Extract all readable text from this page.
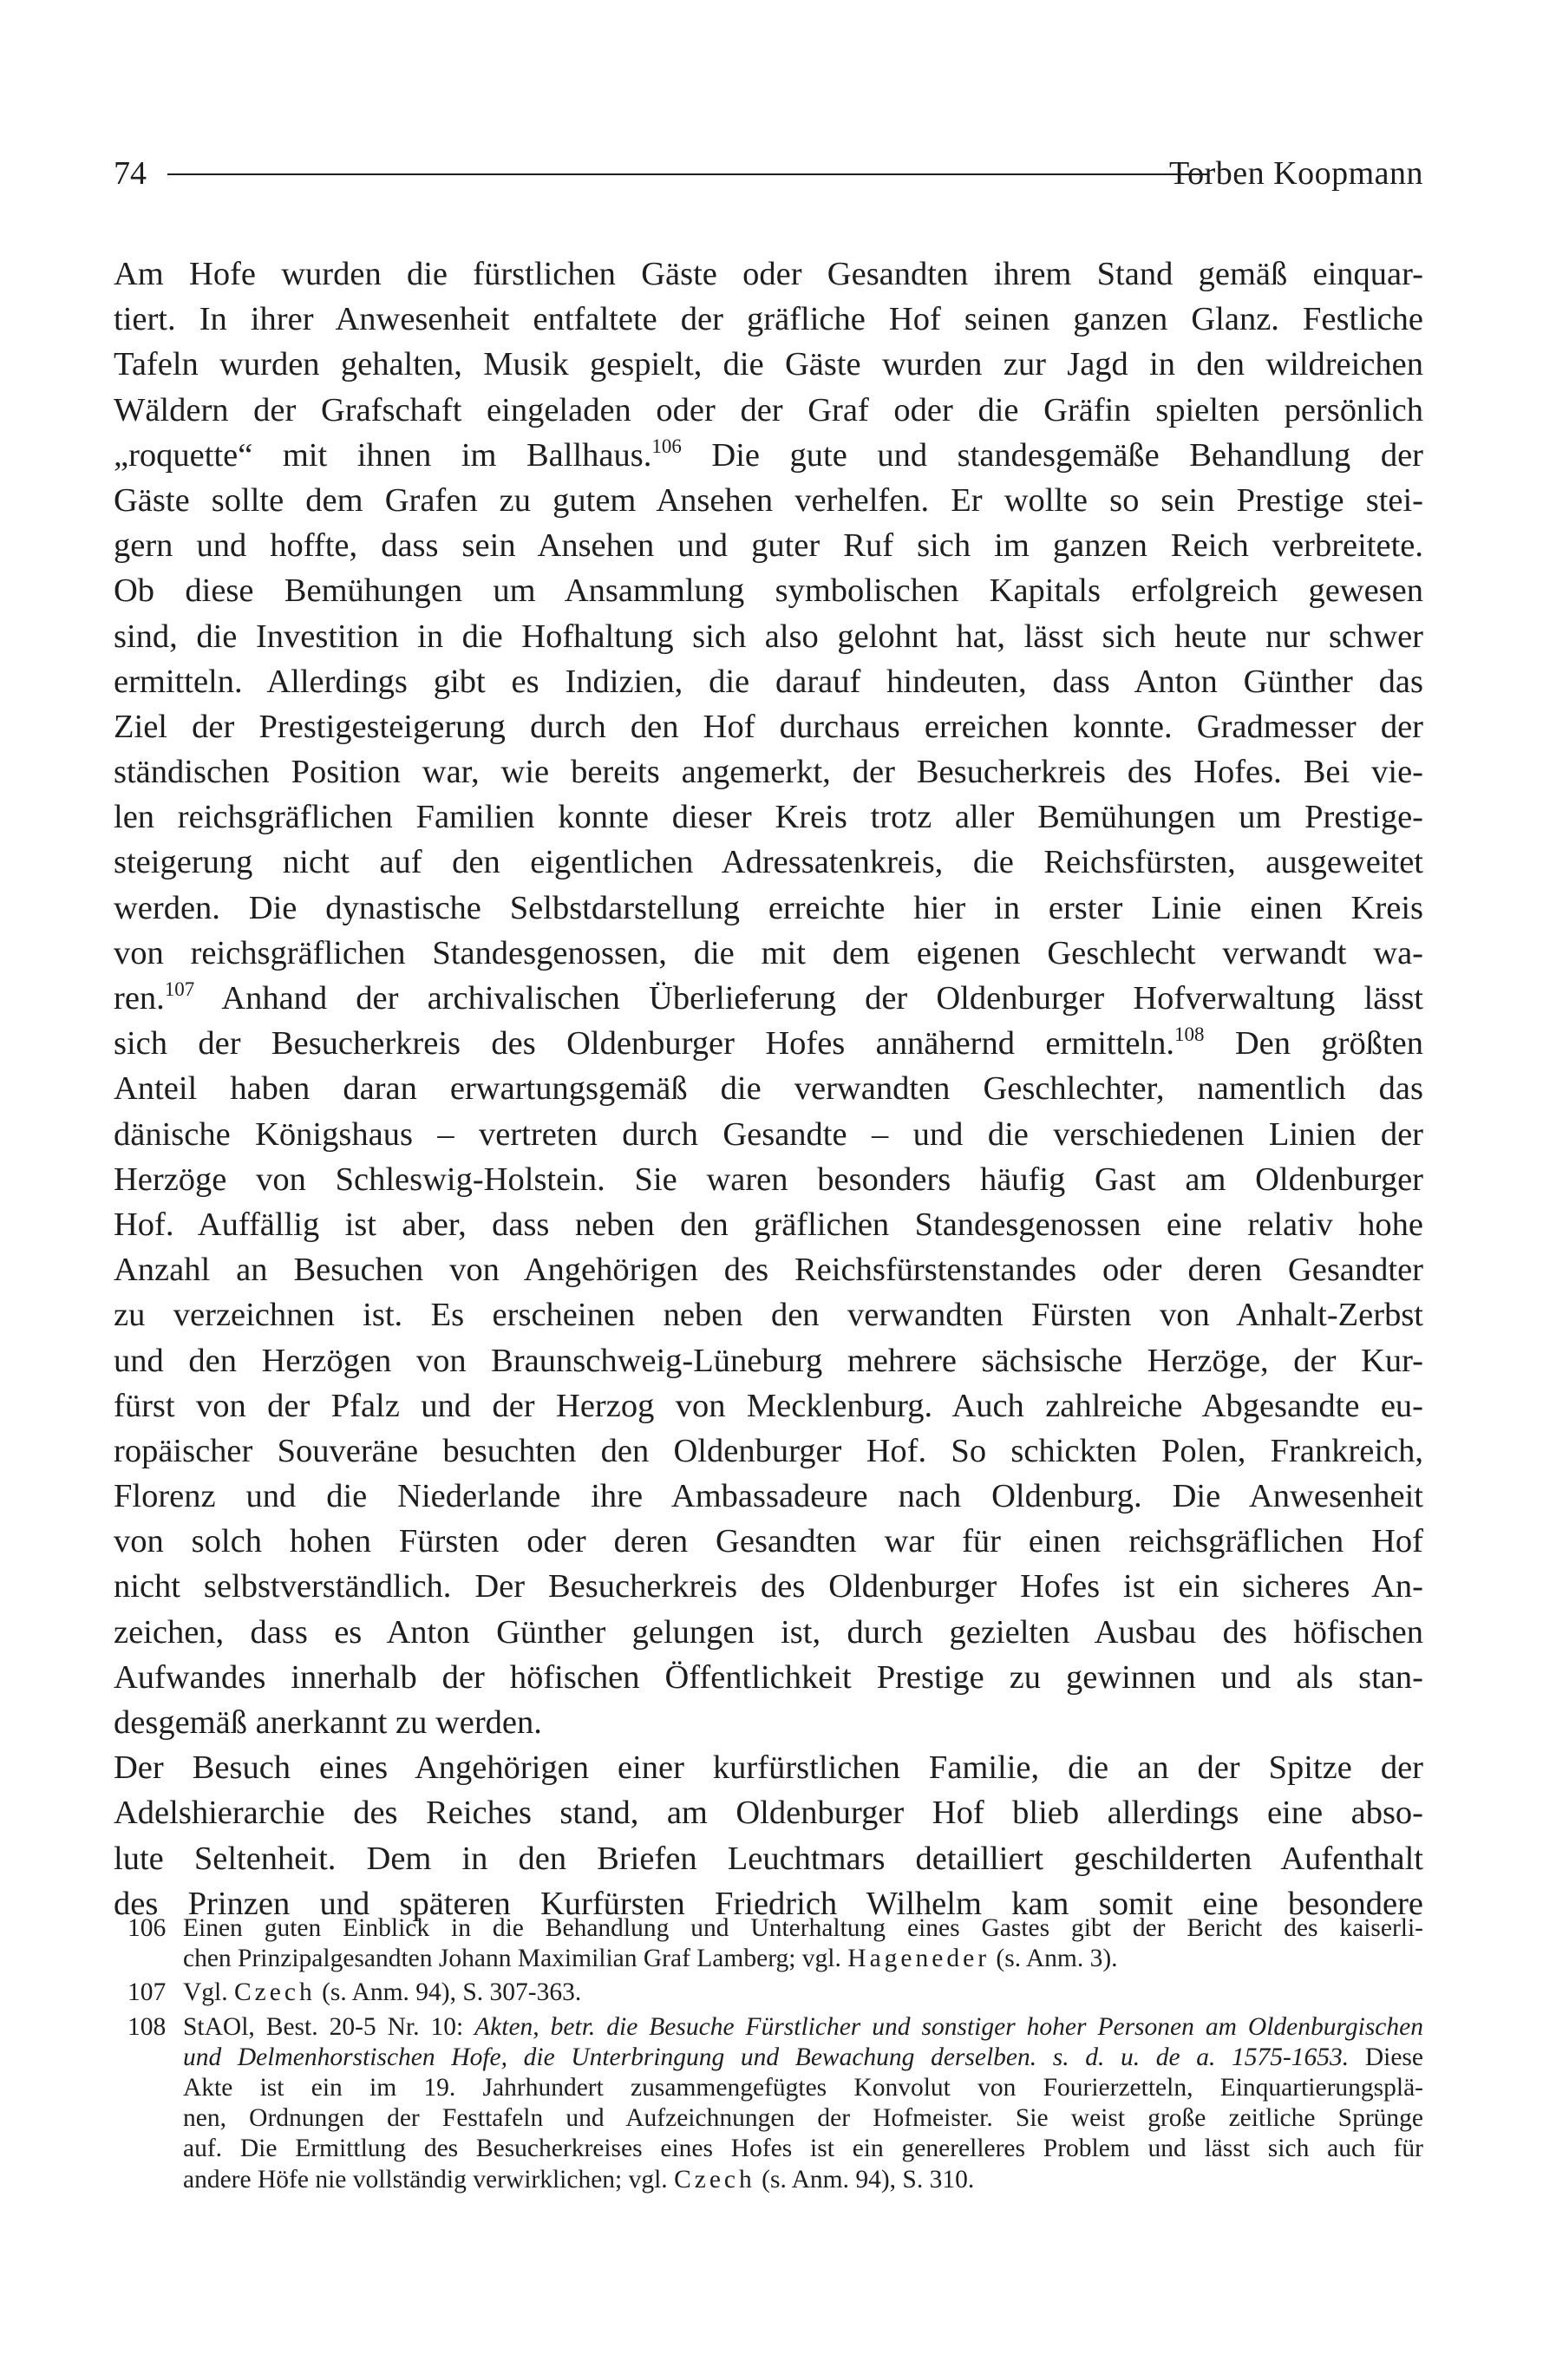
74	Torben Koopmann
Am Hofe wurden die fürstlichen Gäste oder Gesandten ihrem Stand gemäß einquar-
tiert. In ihrer Anwesenheit entfaltete der gräfliche Hof seinen ganzen Glanz. Festliche
Tafeln wurden gehalten, Musik gespielt, die Gäste wurden zur Jagd in den wildreichen
Wäldern der Grafschaft eingeladen oder der Graf oder die Gräfin spielten persönlich
„roquette“ mit ihnen im Ballhaus.$^{106}$ Die gute und standesgemäße Behandlung der
Gäste sollte dem Grafen zu gutem Ansehen verhelfen. Er wollte so sein Prestige stei-
gern und hoffte, dass sein Ansehen und guter Ruf sich im ganzen Reich verbreitete.
Ob diese Bemühungen um Ansammlung symbolischen Kapitals erfolgreich gewesen
sind, die Investition in die Hofhaltung sich also gelohnt hat, lässt sich heute nur schwer
ermitteln. Allerdings gibt es Indizien, die darauf hindeuten, dass Anton Günther das
Ziel der Prestigesteigerung durch den Hof durchaus erreichen konnte. Gradmesser der
ständischen Position war, wie bereits angemerkt, der Besucherkreis des Hofes. Bei vie-
len reichsgräflichen Familien konnte dieser Kreis trotz aller Bemühungen um Prestige-
steigerung nicht auf den eigentlichen Adressatenkreis, die Reichsfürsten, ausgeweitet
werden. Die dynastische Selbstdarstellung erreichte hier in erster Linie einen Kreis
von reichsgräflichen Standesgenossen, die mit dem eigenen Geschlecht verwandt wa-
ren.$^{107}$ Anhand der archivalischen Überlieferung der Oldenburger Hofverwaltung lässt
sich der Besucherkreis des Oldenburger Hofes annähernd ermitteln.$^{108}$ Den größten
Anteil haben daran erwartungsgemäß die verwandten Geschlechter, namentlich das
dänische Königshaus – vertreten durch Gesandte – und die verschiedenen Linien der
Herzöge von Schleswig-Holstein. Sie waren besonders häufig Gast am Oldenburger
Hof. Auffällig ist aber, dass neben den gräflichen Standesgenossen eine relativ hohe
Anzahl an Besuchen von Angehörigen des Reichsfürstenstandes oder deren Gesandter
zu verzeichnen ist. Es erscheinen neben den verwandten Fürsten von Anhalt-Zerbst
und den Herzögen von Braunschweig-Lüneburg mehrere sächsische Herzöge, der Kur-
fürst von der Pfalz und der Herzog von Mecklenburg. Auch zahlreiche Abgesandte eu-
ropäischer Souveräne besuchten den Oldenburger Hof. So schickten Polen, Frankreich,
Florenz und die Niederlande ihre Ambassadeure nach Oldenburg. Die Anwesenheit
von solch hohen Fürsten oder deren Gesandten war für einen reichsgräflichen Hof
nicht selbstverständlich. Der Besucherkreis des Oldenburger Hofes ist ein sicheres An-
zeichen, dass es Anton Günther gelungen ist, durch gezielten Ausbau des höfischen
Aufwandes innerhalb der höfischen Öffentlichkeit Prestige zu gewinnen und als stan-
desgemäß anerkannt zu werden.
Der Besuch eines Angehörigen einer kurfürstlichen Familie, die an der Spitze der
Adelshierarchie des Reiches stand, am Oldenburger Hof blieb allerdings eine abso-
lute Seltenheit. Dem in den Briefen Leuchtmars detailliert geschilderten Aufenthalt
des Prinzen und späteren Kurfürsten Friedrich Wilhelm kam somit eine besondere
106 Einen guten Einblick in die Behandlung und Unterhaltung eines Gastes gibt der Bericht des kaiserli-
chen Prinzipalgesandten Johann Maximilian Graf Lamberg; vgl. Hageneder (s. Anm. 3).
107 Vgl. Czech (s. Anm. 94), S. 307-363.
108 StAOl, Best. 20-5 Nr. 10: Akten, betr. die Besuche Fürstlicher und sonstiger hoher Personen am Oldenburgischen
und Delmenhorstischen Hofe, die Unterbringung und Bewachung derselben. s. d. u. de a. 1575-1653. Diese
Akte ist ein im 19. Jahrhundert zusammengefügtes Konvolut von Fourierzetteln, Einquartierungsplä-
nen, Ordnungen der Festtafeln und Aufzeichnungen der Hofmeister. Sie weist große zeitliche Sprünge
auf. Die Ermittlung des Besucherkreises eines Hofes ist ein generelleres Problem und lässt sich auch für
andere Höfe nie vollständig verwirklichen; vgl. Czech (s. Anm. 94), S. 310.
